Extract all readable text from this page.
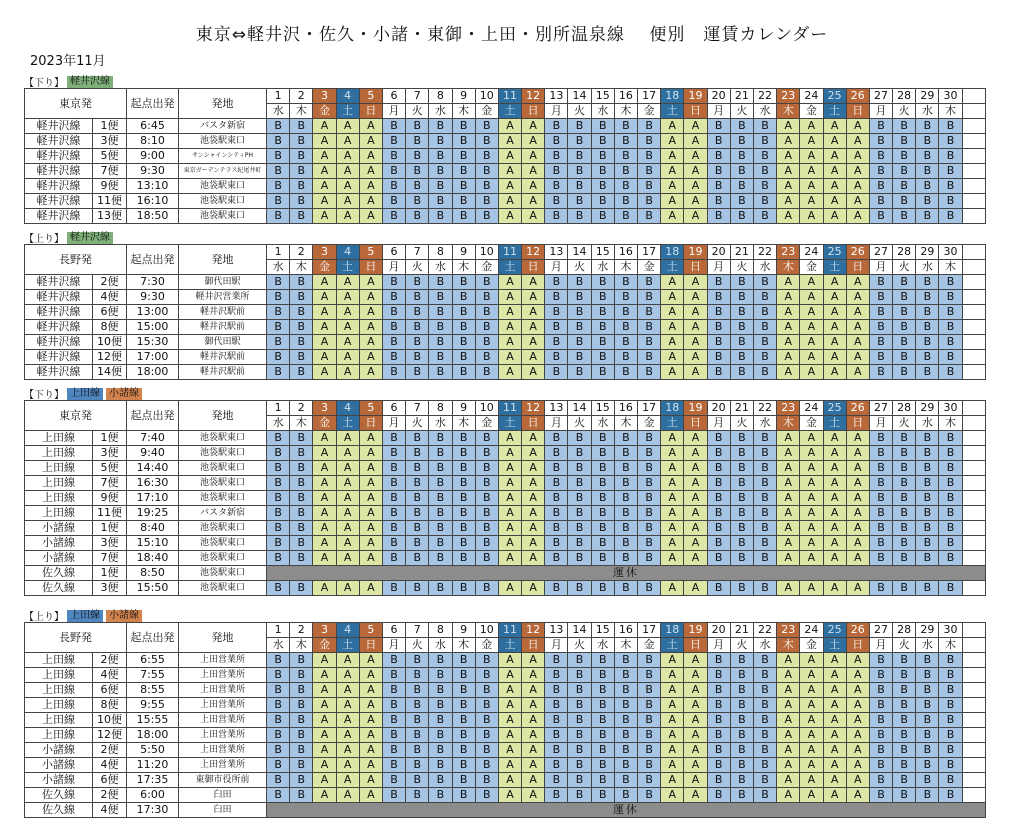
東京⇔軽井沢・佐久・小諸・東御・上田・別所温泉線　 便別　運賃カレンダー
2023年11月
【下り】 軽井沢線
東京発		起点出発	発地	1	2	3	4	5	6	7	8	9	10	11	12	13	14	15	16	17	18	19	20	21	22	23	24	25	26	27	28	29	30	
				水	木	金	土	日	月	火	水	木	金	土	日	月	火	水	木	金	土	日	月	火	水	木	金	土	日	月	火	水	木	
軽井沢線	1便	6:45	バスタ新宿	B	B	A	A	A	B	B	B	B	B	A	A	B	B	B	B	B	A	A	B	B	B	A	A	A	A	B	B	B	B	
軽井沢線	3便	8:10	池袋駅東口	B	B	A	A	A	B	B	B	B	B	A	A	B	B	B	B	B	A	A	B	B	B	A	A	A	A	B	B	B	B	
軽井沢線	5便	9:00	サンシャインシティPH	B	B	A	A	A	B	B	B	B	B	A	A	B	B	B	B	B	A	A	B	B	B	A	A	A	A	B	B	B	B	
軽井沢線	7便	9:30	東京ガーデンテラス紀尾井町	B	B	A	A	A	B	B	B	B	B	A	A	B	B	B	B	B	A	A	B	B	B	A	A	A	A	B	B	B	B	
軽井沢線	9便	13:10	池袋駅東口	B	B	A	A	A	B	B	B	B	B	A	A	B	B	B	B	B	A	A	B	B	B	A	A	A	A	B	B	B	B	
軽井沢線	11便	16:10	池袋駅東口	B	B	A	A	A	B	B	B	B	B	A	A	B	B	B	B	B	A	A	B	B	B	A	A	A	A	B	B	B	B	
軽井沢線	13便	18:50	池袋駅東口	B	B	A	A	A	B	B	B	B	B	A	A	B	B	B	B	B	A	A	B	B	B	A	A	A	A	B	B	B	B	
【上り】 軽井沢線
長野発		起点出発	発地	1	2	3	4	5	6	7	8	9	10	11	12	13	14	15	16	17	18	19	20	21	22	23	24	25	26	27	28	29	30	
				水	木	金	土	日	月	火	水	木	金	土	日	月	火	水	木	金	土	日	月	火	水	木	金	土	日	月	火	水	木	
軽井沢線	2便	7:30	御代田駅	B	B	A	A	A	B	B	B	B	B	A	A	B	B	B	B	B	A	A	B	B	B	A	A	A	A	B	B	B	B	
軽井沢線	4便	9:30	軽井沢営業所	B	B	A	A	A	B	B	B	B	B	A	A	B	B	B	B	B	A	A	B	B	B	A	A	A	A	B	B	B	B	
軽井沢線	6便	13:00	軽井沢駅前	B	B	A	A	A	B	B	B	B	B	A	A	B	B	B	B	B	A	A	B	B	B	A	A	A	A	B	B	B	B	
軽井沢線	8便	15:00	軽井沢駅前	B	B	A	A	A	B	B	B	B	B	A	A	B	B	B	B	B	A	A	B	B	B	A	A	A	A	B	B	B	B	
軽井沢線	10便	15:30	御代田駅	B	B	A	A	A	B	B	B	B	B	A	A	B	B	B	B	B	A	A	B	B	B	A	A	A	A	B	B	B	B	
軽井沢線	12便	17:00	軽井沢駅前	B	B	A	A	A	B	B	B	B	B	A	A	B	B	B	B	B	A	A	B	B	B	A	A	A	A	B	B	B	B	
軽井沢線	14便	18:00	軽井沢駅前	B	B	A	A	A	B	B	B	B	B	A	A	B	B	B	B	B	A	A	B	B	B	A	A	A	A	B	B	B	B	
【下り】 上田線 小諸線
東京発		起点出発	発地	1	2	3	4	5	6	7	8	9	10	11	12	13	14	15	16	17	18	19	20	21	22	23	24	25	26	27	28	29	30	
				水	木	金	土	日	月	火	水	木	金	土	日	月	火	水	木	金	土	日	月	火	水	木	金	土	日	月	火	水	木	
上田線	1便	7:40	池袋駅東口	B	B	A	A	A	B	B	B	B	B	A	A	B	B	B	B	B	A	A	B	B	B	A	A	A	A	B	B	B	B	
上田線	3便	9:40	池袋駅東口	B	B	A	A	A	B	B	B	B	B	A	A	B	B	B	B	B	A	A	B	B	B	A	A	A	A	B	B	B	B	
上田線	5便	14:40	池袋駅東口	B	B	A	A	A	B	B	B	B	B	A	A	B	B	B	B	B	A	A	B	B	B	A	A	A	A	B	B	B	B	
上田線	7便	16:30	池袋駅東口	B	B	A	A	A	B	B	B	B	B	A	A	B	B	B	B	B	A	A	B	B	B	A	A	A	A	B	B	B	B	
上田線	9便	17:10	池袋駅東口	B	B	A	A	A	B	B	B	B	B	A	A	B	B	B	B	B	A	A	B	B	B	A	A	A	A	B	B	B	B	
上田線	11便	19:25	バスタ新宿	B	B	A	A	A	B	B	B	B	B	A	A	B	B	B	B	B	A	A	B	B	B	A	A	A	A	B	B	B	B	
小諸線	1便	8:40	池袋駅東口	B	B	A	A	A	B	B	B	B	B	A	A	B	B	B	B	B	A	A	B	B	B	A	A	A	A	B	B	B	B	
小諸線	3便	15:10	池袋駅東口	B	B	A	A	A	B	B	B	B	B	A	A	B	B	B	B	B	A	A	B	B	B	A	A	A	A	B	B	B	B	
小諸線	7便	18:40	池袋駅東口	B	B	A	A	A	B	B	B	B	B	A	A	B	B	B	B	B	A	A	B	B	B	A	A	A	A	B	B	B	B	
佐久線	1便	8:50	池袋駅東口	運休																														
佐久線	3便	15:50	池袋駅東口	B	B	A	A	A	B	B	B	B	B	A	A	B	B	B	B	B	A	A	B	B	B	A	A	A	A	B	B	B	B	
【上り】 上田線 小諸線
長野発		起点出発	発地	1	2	3	4	5	6	7	8	9	10	11	12	13	14	15	16	17	18	19	20	21	22	23	24	25	26	27	28	29	30	
				水	木	金	土	日	月	火	水	木	金	土	日	月	火	水	木	金	土	日	月	火	水	木	金	土	日	月	火	水	木	
上田線	2便	6:55	上田営業所	B	B	A	A	A	B	B	B	B	B	A	A	B	B	B	B	B	A	A	B	B	B	A	A	A	A	B	B	B	B	
上田線	4便	7:55	上田営業所	B	B	A	A	A	B	B	B	B	B	A	A	B	B	B	B	B	A	A	B	B	B	A	A	A	A	B	B	B	B	
上田線	6便	8:55	上田営業所	B	B	A	A	A	B	B	B	B	B	A	A	B	B	B	B	B	A	A	B	B	B	A	A	A	A	B	B	B	B	
上田線	8便	9:55	上田営業所	B	B	A	A	A	B	B	B	B	B	A	A	B	B	B	B	B	A	A	B	B	B	A	A	A	A	B	B	B	B	
上田線	10便	15:55	上田営業所	B	B	A	A	A	B	B	B	B	B	A	A	B	B	B	B	B	A	A	B	B	B	A	A	A	A	B	B	B	B	
上田線	12便	18:00	上田営業所	B	B	A	A	A	B	B	B	B	B	A	A	B	B	B	B	B	A	A	B	B	B	A	A	A	A	B	B	B	B	
小諸線	2便	5:50	上田営業所	B	B	A	A	A	B	B	B	B	B	A	A	B	B	B	B	B	A	A	B	B	B	A	A	A	A	B	B	B	B	
小諸線	4便	11:20	上田営業所	B	B	A	A	A	B	B	B	B	B	A	A	B	B	B	B	B	A	A	B	B	B	A	A	A	A	B	B	B	B	
小諸線	6便	17:35	東御市役所前	B	B	A	A	A	B	B	B	B	B	A	A	B	B	B	B	B	A	A	B	B	B	A	A	A	A	B	B	B	B	
佐久線	2便	6:00	臼田	B	B	A	A	A	B	B	B	B	B	A	A	B	B	B	B	B	A	A	B	B	B	A	A	A	A	B	B	B	B	
佐久線	4便	17:30	臼田	運休																														
